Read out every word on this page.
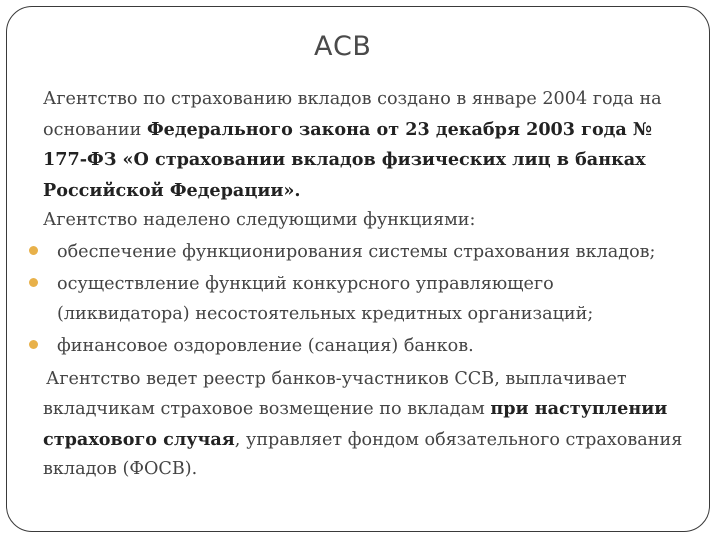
АСВ

Агентство по страхованию вкладов создано в январе 2004 года на основании Федерального закона от 23 декабря 2003 года № 177-ФЗ «О страховании вкладов физических лиц в банках Российской Федерации».

Агентство наделено следующими функциями:

обеспечение функционирования системы страхования вкладов;
осуществление функций конкурсного управляющего (ликвидатора) несостоятельных кредитных организаций;
финансовое оздоровление (санация) банков.

Агентство ведет реестр банков-участников ССВ, выплачивает вкладчикам страховое возмещение по вкладам при наступлении страхового случая, управляет фондом обязательного страхования вкладов (ФОСВ).
